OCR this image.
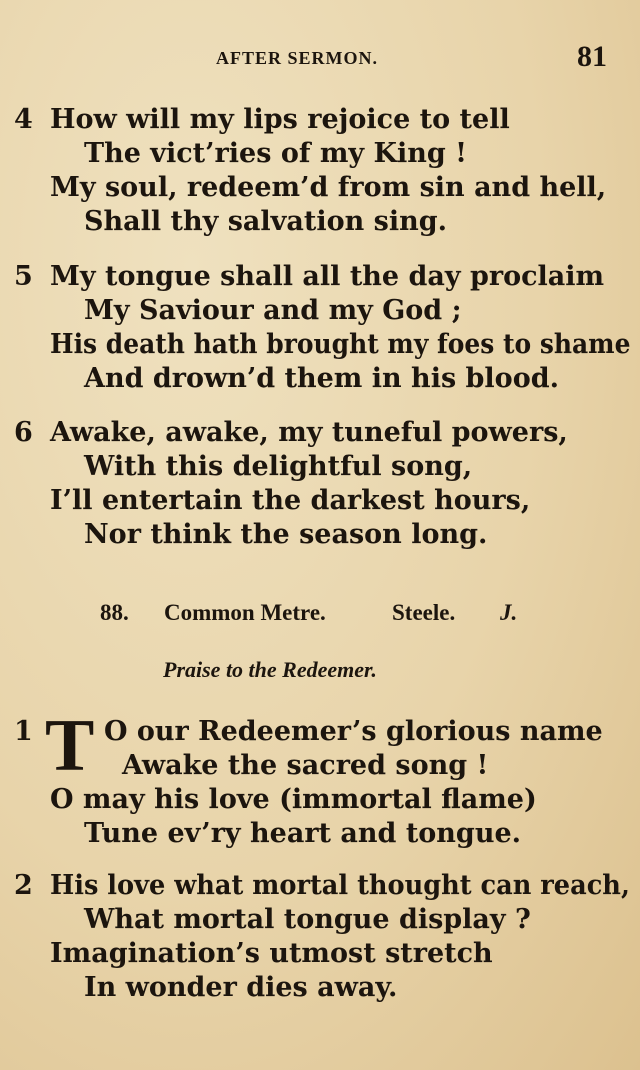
AFTER SERMON.	81
4 How will my lips rejoice to tell
The vict’ries of my King !
My soul, redeem’d from sin and hell,
Shall thy salvation sing.
5 My tongue shall all the day proclaim
My Saviour and my God ;
His death hath brought my foes to shame
And drown’d them in his blood.
6 Awake, awake, my tuneful powers,
With this delightful song,
I’ll entertain the darkest hours,
Nor think the season long.
88. Common Metre.	Steele. J.
Praise to the Redeemer.
1	O our Redeemer’s glorious name
Awake the sacred song !
O may his love (immortal flame)
Tune ev’ry heart and tongue.
T
2 His love what mortal thought can reach,
What mortal tongue display ?
Imagination’s utmost stretch
In wonder dies away.
